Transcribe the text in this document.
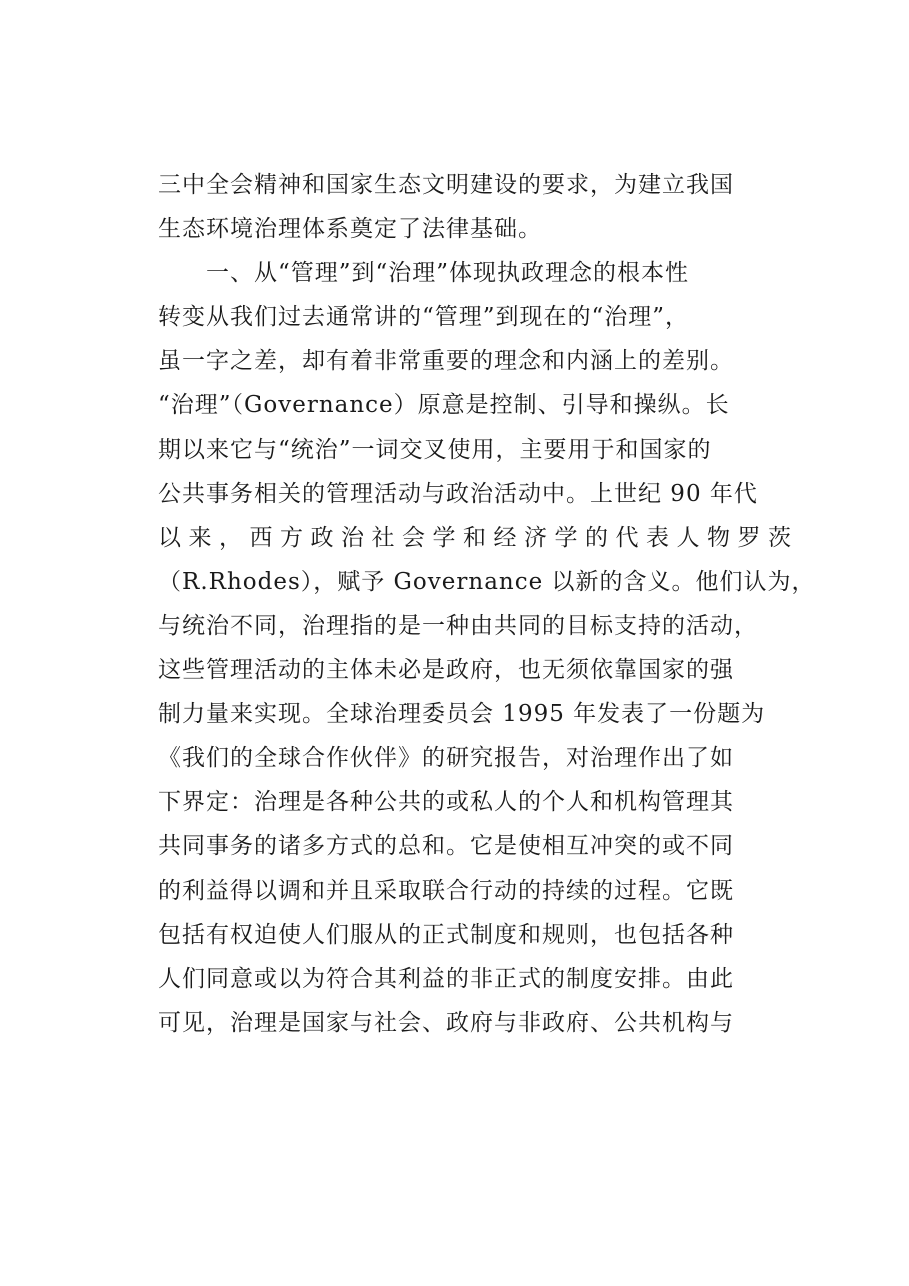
三中全会精神和国家生态文明建设的要求，为建立我国
生态环境治理体系奠定了法律基础。
一、从“管理”到“治理”体现执政理念的根本性
转变从我们过去通常讲的“管理”到现在的“治理”，
虽一字之差，却有着非常重要的理念和内涵上的差别。
“治理”（Governance）原意是控制、引导和操纵。长
期以来它与“统治”一词交叉使用，主要用于和国家的
公共事务相关的管理活动与政治活动中。上世纪 90 年代
以来，西方政治社会学和经济学的代表人物罗茨
（R.Rhodes），赋予 Governance 以新的含义。他们认为，
与统治不同，治理指的是一种由共同的目标支持的活动，
这些管理活动的主体未必是政府，也无须依靠国家的强
制力量来实现。全球治理委员会 1995 年发表了一份题为
《我们的全球合作伙伴》的研究报告，对治理作出了如
下界定：治理是各种公共的或私人的个人和机构管理其
共同事务的诸多方式的总和。它是使相互冲突的或不同
的利益得以调和并且采取联合行动的持续的过程。它既
包括有权迫使人们服从的正式制度和规则，也包括各种
人们同意或以为符合其利益的非正式的制度安排。由此
可见，治理是国家与社会、政府与非政府、公共机构与
